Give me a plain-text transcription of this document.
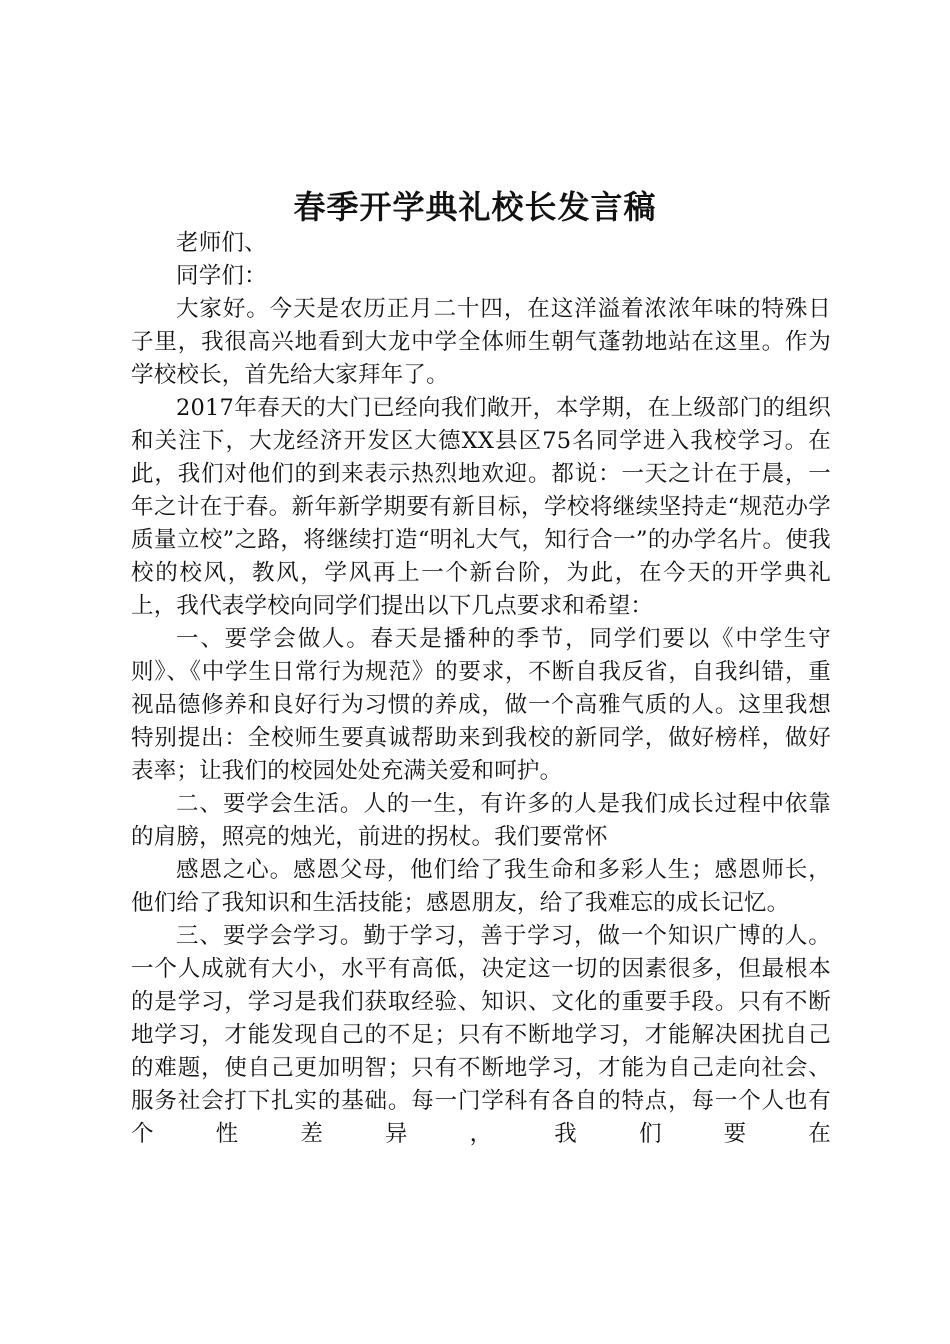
春季开学典礼校长发言稿

老师们、

同学们：

大家好。今天是农历正月二十四，在这洋溢着浓浓年味的特殊日子里，我很高兴地看到大龙中学全体师生朝气蓬勃地站在这里。作为学校校长，首先给大家拜年了。

2017年春天的大门已经向我们敞开，本学期，在上级部门的组织和关注下，大龙经济开发区大德XX县区75名同学进入我校学习。在此，我们对他们的到来表示热烈地欢迎。都说：一天之计在于晨，一年之计在于春。新年新学期要有新目标，学校将继续坚持走“规范办学质量立校”之路，将继续打造“明礼大气，知行合一”的办学名片。使我校的校风，教风，学风再上一个新台阶，为此，在今天的开学典礼上，我代表学校向同学们提出以下几点要求和希望：

一、要学会做人。春天是播种的季节，同学们要以《中学生守则》、《中学生日常行为规范》的要求，不断自我反省，自我纠错，重视品德修养和良好行为习惯的养成，做一个高雅气质的人。这里我想特别提出：全校师生要真诚帮助来到我校的新同学，做好榜样，做好表率；让我们的校园处处充满关爱和呵护。

二、要学会生活。人的一生，有许多的人是我们成长过程中依靠的肩膀，照亮的烛光，前进的拐杖。我们要常怀

感恩之心。感恩父母，他们给了我生命和多彩人生；感恩师长，他们给了我知识和生活技能；感恩朋友，给了我难忘的成长记忆。

三、要学会学习。勤于学习，善于学习，做一个知识广博的人。一个人成就有大小，水平有高低，决定这一切的因素很多，但最根本的是学习，学习是我们获取经验、知识、文化的重要手段。只有不断地学习，才能发现自己的不足；只有不断地学习，才能解决困扰自己的难题，使自己更加明智；只有不断地学习，才能为自己走向社会、服务社会打下扎实的基础。每一门学科有各自的特点，每一个人也有个性差异，我们要在
